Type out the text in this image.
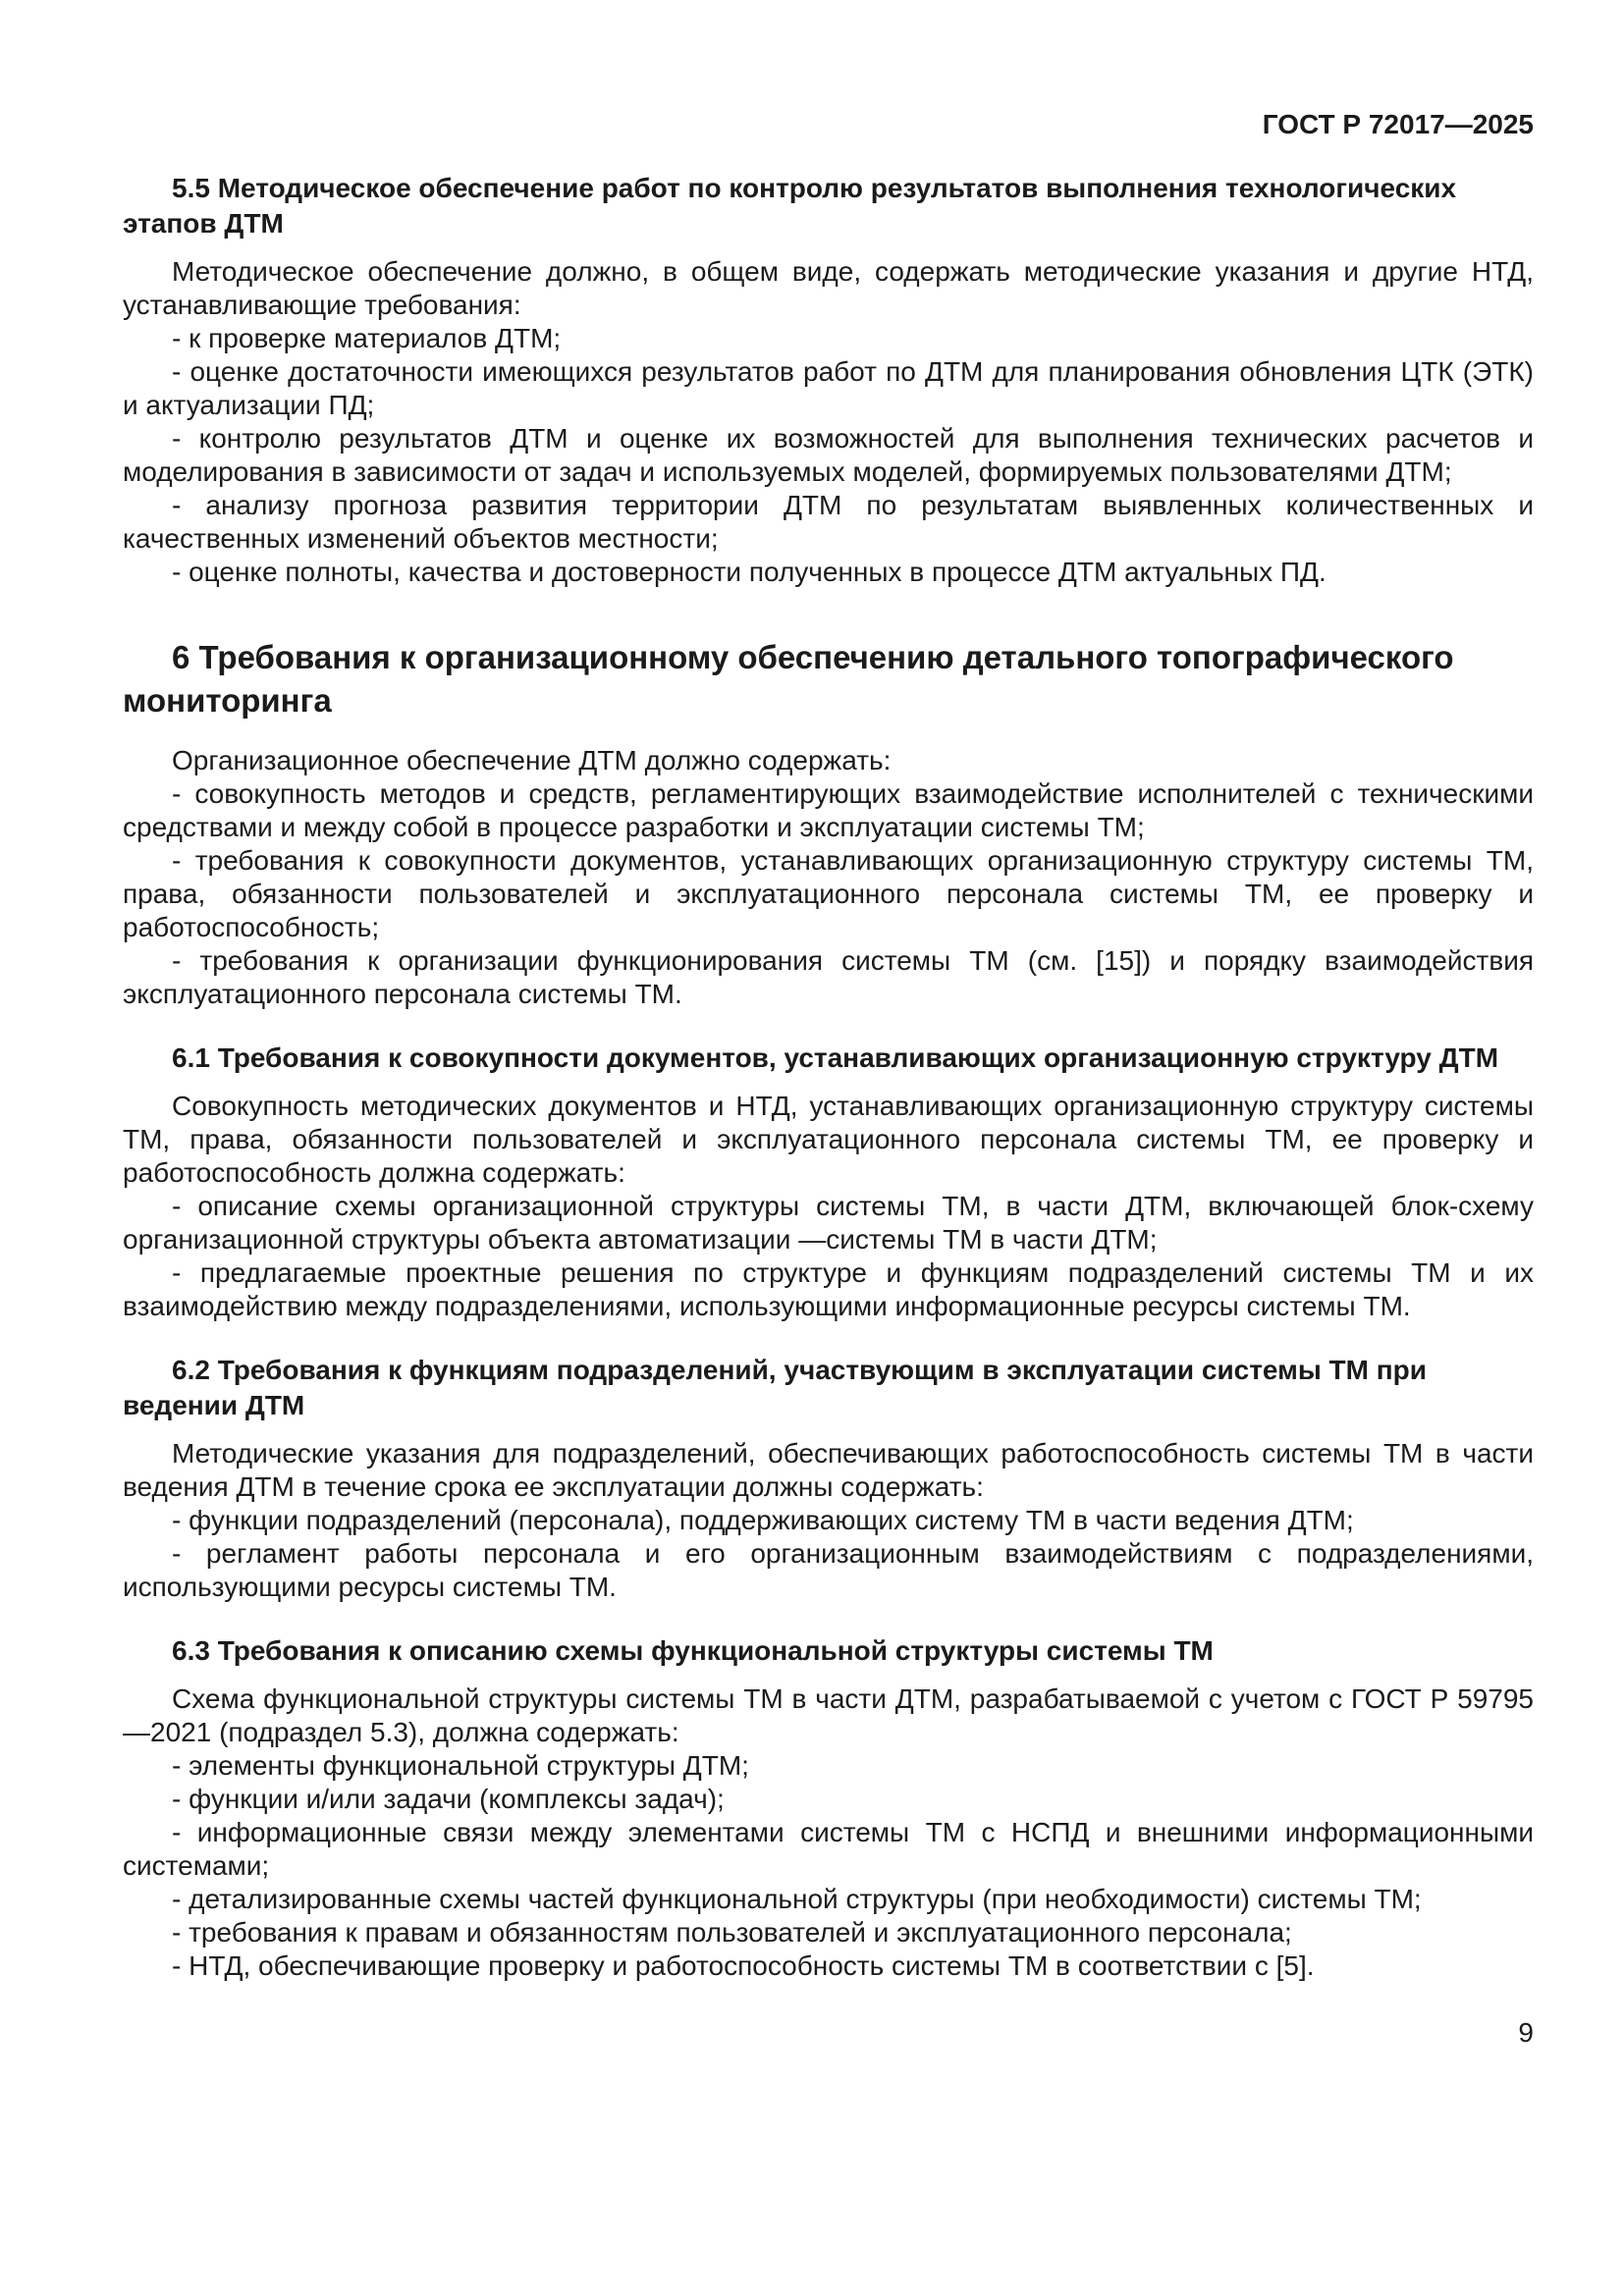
ГОСТ Р 72017—2025
5.5 Методическое обеспечение работ по контролю результатов выполнения технологических этапов ДТМ

Методическое обеспечение должно, в общем виде, содержать методические указания и другие НТД, устанавливающие требования:

- к проверке материалов ДТМ;

- оценке достаточности имеющихся результатов работ по ДТМ для планирования обновления ЦТК (ЭТК) и актуализации ПД;

- контролю результатов ДТМ и оценке их возможностей для выполнения технических расчетов и моделирования в зависимости от задач и используемых моделей, формируемых пользователями ДТМ;

- анализу прогноза развития территории ДТМ по результатам выявленных количественных и качественных изменений объектов местности;

- оценке полноты, качества и достоверности полученных в процессе ДТМ актуальных ПД.

6 Требования к организационному обеспечению детального топографического мониторинга

Организационное обеспечение ДТМ должно содержать:

- совокупность методов и средств, регламентирующих взаимодействие исполнителей с техническими средствами и между собой в процессе разработки и эксплуатации системы ТМ;

- требования к совокупности документов, устанавливающих организационную структуру системы ТМ, права, обязанности пользователей и эксплуатационного персонала системы ТМ, ее проверку и работоспособность;

- требования к организации функционирования системы ТМ (см. [15]) и порядку взаимодействия эксплуатационного персонала системы ТМ.

6.1 Требования к совокупности документов, устанавливающих организационную структуру ДТМ

Совокупность методических документов и НТД, устанавливающих организационную структуру системы ТМ, права, обязанности пользователей и эксплуатационного персонала системы ТМ, ее проверку и работоспособность должна содержать:

- описание схемы организационной структуры системы ТМ, в части ДТМ, включающей блок-схему организационной структуры объекта автоматизации —системы ТМ в части ДТМ;

- предлагаемые проектные решения по структуре и функциям подразделений системы ТМ и их взаимодействию между подразделениями, использующими информационные ресурсы системы ТМ.

6.2 Требования к функциям подразделений, участвующим в эксплуатации системы ТМ при ведении ДТМ

Методические указания для подразделений, обеспечивающих работоспособность системы ТМ в части ведения ДТМ в течение срока ее эксплуатации должны содержать:

- функции подразделений (персонала), поддерживающих систему ТМ в части ведения ДТМ;

- регламент работы персонала и его организационным взаимодействиям с подразделениями, использующими ресурсы системы ТМ.

6.3 Требования к описанию схемы функциональной структуры системы ТМ

Схема функциональной структуры системы ТМ в части ДТМ, разрабатываемой с учетом с ГОСТ Р 59795—2021 (подраздел 5.3), должна содержать:

- элементы функциональной структуры ДТМ;

- функции и/или задачи (комплексы задач);

- информационные связи между элементами системы ТМ с НСПД и внешними информационными системами;

- детализированные схемы частей функциональной структуры (при необходимости) системы ТМ;

- требования к правам и обязанностям пользователей и эксплуатационного персонала;

- НТД, обеспечивающие проверку и работоспособность системы ТМ в соответствии с [5].

9
